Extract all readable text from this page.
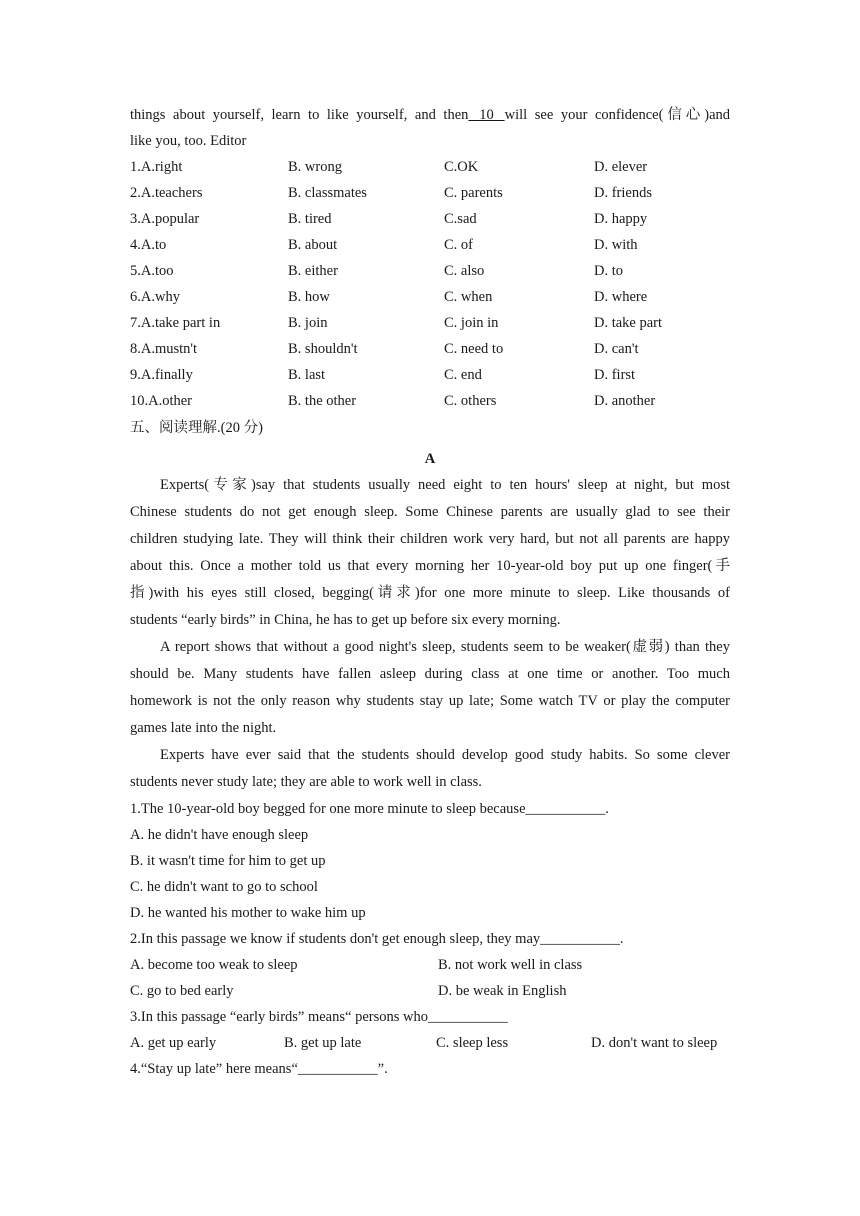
things about yourself, learn to like yourself, and then   10   will see your confidence(信心)and
like you, too. Editor
1.A.right	B. wrong	C.OK	D. elever
2.A.teachers	B. classmates	C. parents	D. friends
3.A.popular	B. tired	C.sad	D. happy
4.A.to	B. about	C. of	D. with
5.A.too	B. either	C. also	D. to
6.A.why	B. how	C. when	D. where
7.A.take part in	B. join	C. join in	D. take part
8.A.mustn't	B. shouldn't	C. need to	D. can't
9.A.finally	B. last	C. end	D. first
10.A.other	B. the other	C. others	D. another
五、阅读理解.(20 分)
A
Experts(专家)say that students usually need eight to ten hours' sleep at night, but most
Chinese students do not get enough sleep. Some Chinese parents are usually glad to see their
children studying late. They will think their children work very hard, but not all parents are happy
about this. Once a mother told us that every morning her 10-year-old boy put up one finger(手
指)with his eyes still closed, begging(请求)for one more minute to sleep. Like thousands of
students “early birds” in China, he has to get up before six every morning.
A report shows that without a good night's sleep, students seem to be weaker(虚弱) than they
should be. Many students have fallen asleep during class at one time or another. Too much
homework is not the only reason why students stay up late; Some watch TV or play the computer
games late into the night.
Experts have ever said that the students should develop good study habits. So some clever
students never study late; they are able to work well in class.
1.The 10-year-old boy begged for one more minute to sleep because___________.
A. he didn't have enough sleep
B. it wasn't time for him to get up
C. he didn't want to go to school
D. he wanted his mother to wake him up
2.In this passage we know if students don't get enough sleep, they may___________.
A. become too weak to sleep	B. not work well in class
C. go to bed early	D. be weak in English
3.In this passage “early birds” means“ persons who___________
A. get up early	B. get up late	C. sleep less	D. don't want to sleep
4.“Stay up late” here means“___________”.
